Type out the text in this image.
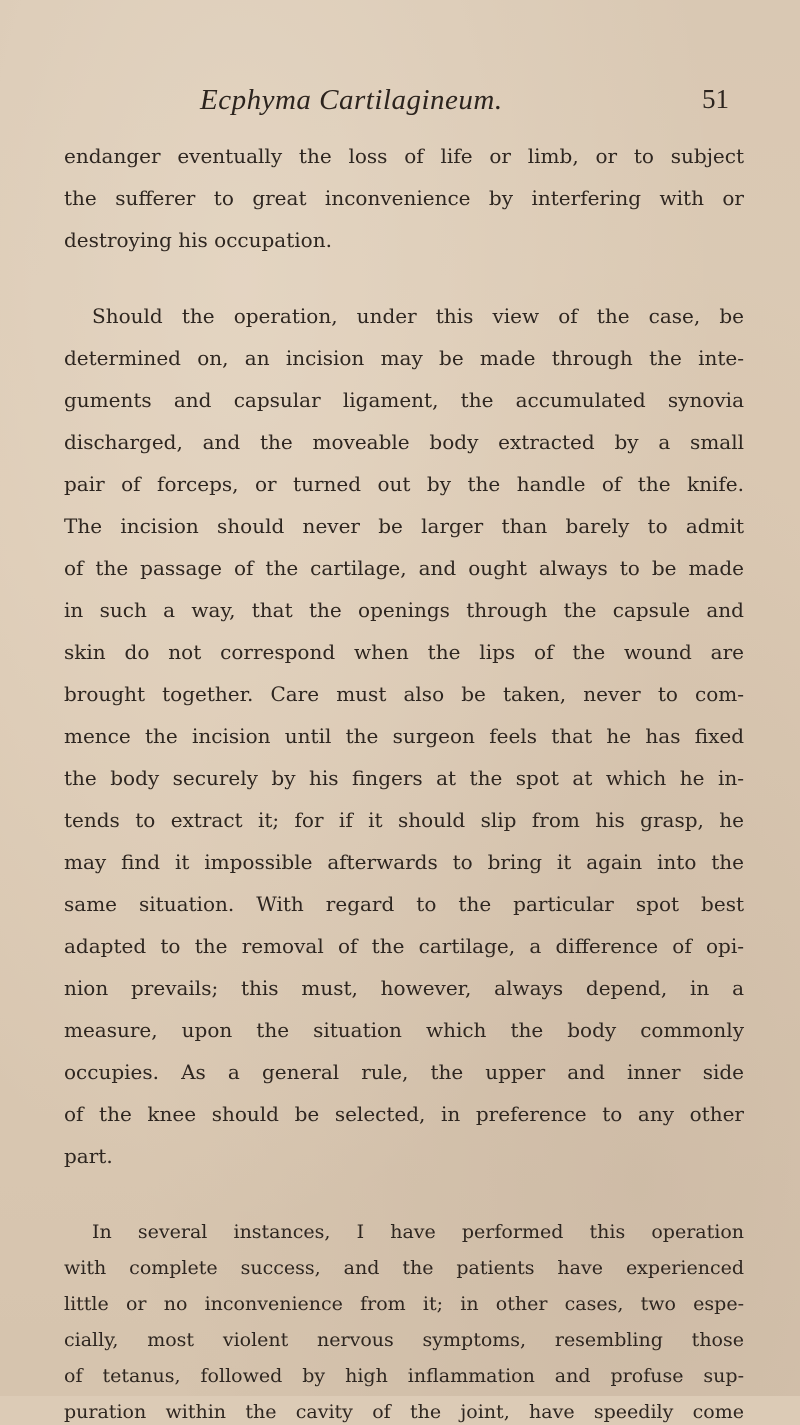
Ecphyma Cartilagineum.	51
endanger eventually the loss of life or limb, or to subject
the sufferer to great inconvenience by interfering with or
destroying his occupation.
Should the operation, under this view of the case, be
determined on, an incision may be made through the inte-
guments and capsular ligament, the accumulated synovia
discharged, and the moveable body extracted by a small
pair of forceps, or turned out by the handle of the knife.
The incision should never be larger than barely to admit
of the passage of the cartilage, and ought always to be made
in such a way, that the openings through the capsule and
skin do not correspond when the lips of the wound are
brought together. Care must also be taken, never to com-
mence the incision until the surgeon feels that he has fixed
the body securely by his fingers at the spot at which he in-
tends to extract it; for if it should slip from his grasp, he
may find it impossible afterwards to bring it again into the
same situation. With regard to the particular spot best
adapted to the removal of the cartilage, a difference of opi-
nion prevails; this must, however, always depend, in a
measure, upon the situation which the body commonly
occupies. As a general rule, the upper and inner side
of the knee should be selected, in preference to any other
part.
In several instances, I have performed this operation
with complete success, and the patients have experienced
little or no inconvenience from it; in other cases, two espe-
cially, most violent nervous symptoms, resembling those
of tetanus, followed by high inflammation and profuse sup-
puration within the cavity of the joint, have speedily come
